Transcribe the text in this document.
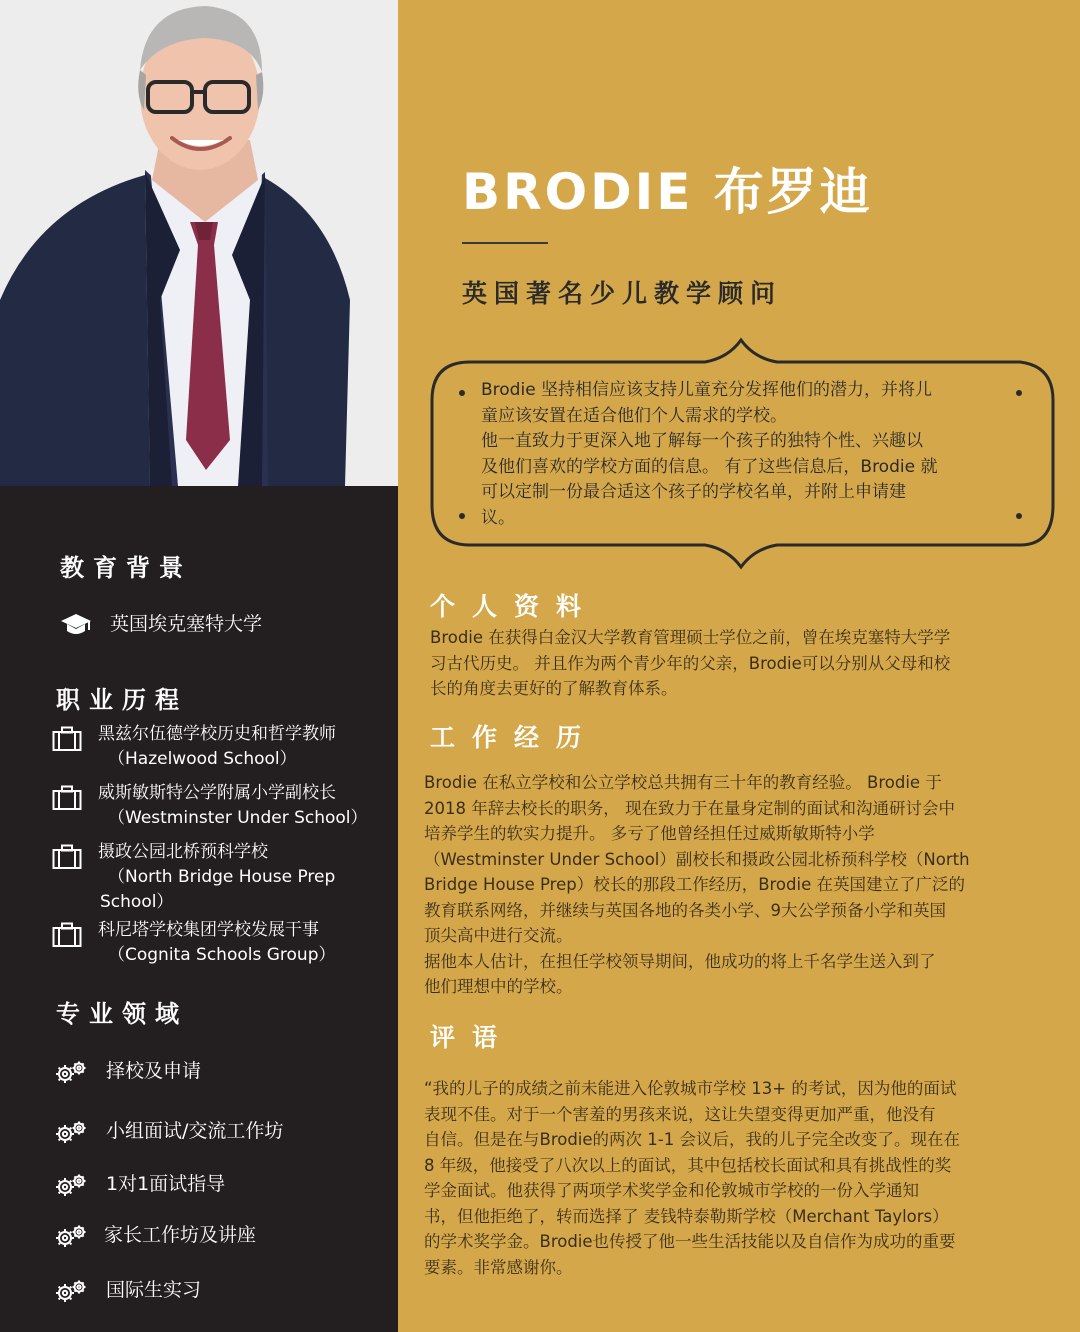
教育背景
英国埃克塞特大学
职业历程
黑兹尔伍德学校历史和哲学教师
（Hazelwood School）
威斯敏斯特公学附属小学副校长
（Westminster Under School）
摄政公园北桥预科学校
（North Bridge House Prep
School）
科尼塔学校集团学校发展干事
（Cognita Schools Group）
专业领域
择校及申请
小组面试/交流工作坊
1对1面试指导
家长工作坊及讲座
国际生实习
BRODIE 布罗迪
英国著名少儿教学顾问

Brodie 坚持相信应该支持儿童充分发挥他们的潜力，并将儿
童应该安置在适合他们个人需求的学校。
他一直致力于更深入地了解每一个孩子的独特个性、兴趣以
及他们喜欢的学校方面的信息。 有了这些信息后，Brodie 就
可以定制一份最合适这个孩子的学校名单，并附上申请建
议。

个人资料

Brodie 在获得白金汉大学教育管理硕士学位之前，曾在埃克塞特大学学
习古代历史。 并且作为两个青少年的父亲，Brodie可以分别从父母和校
长的角度去更好的了解教育体系。

工作经历

Brodie 在私立学校和公立学校总共拥有三十年的教育经验。 Brodie 于
2018 年辞去校长的职务， 现在致力于在量身定制的面试和沟通研讨会中
培养学生的软实力提升。 多亏了他曾经担任过威斯敏斯特小学
（Westminster Under School）副校长和摄政公园北桥预科学校（North
Bridge House Prep）校长的那段工作经历，Brodie 在英国建立了广泛的
教育联系网络，并继续与英国各地的各类小学、9大公学预备小学和英国
顶尖高中进行交流。
据他本人估计，在担任学校领导期间，他成功的将上千名学生送入到了
他们理想中的学校。

评语

“我的儿子的成绩之前未能进入伦敦城市学校 13+ 的考试，因为他的面试
表现不佳。对于一个害羞的男孩来说，这让失望变得更加严重，他没有
自信。但是在与Brodie的两次 1-1 会议后，我的儿子完全改变了。现在在
8 年级，他接受了八次以上的面试，其中包括校长面试和具有挑战性的奖
学金面试。他获得了两项学术奖学金和伦敦城市学校的一份入学通知
书，但他拒绝了，转而选择了 麦钱特泰勒斯学校（Merchant Taylors）
的学术奖学金。Brodie也传授了他一些生活技能以及自信作为成功的重要
要素。非常感谢你。
